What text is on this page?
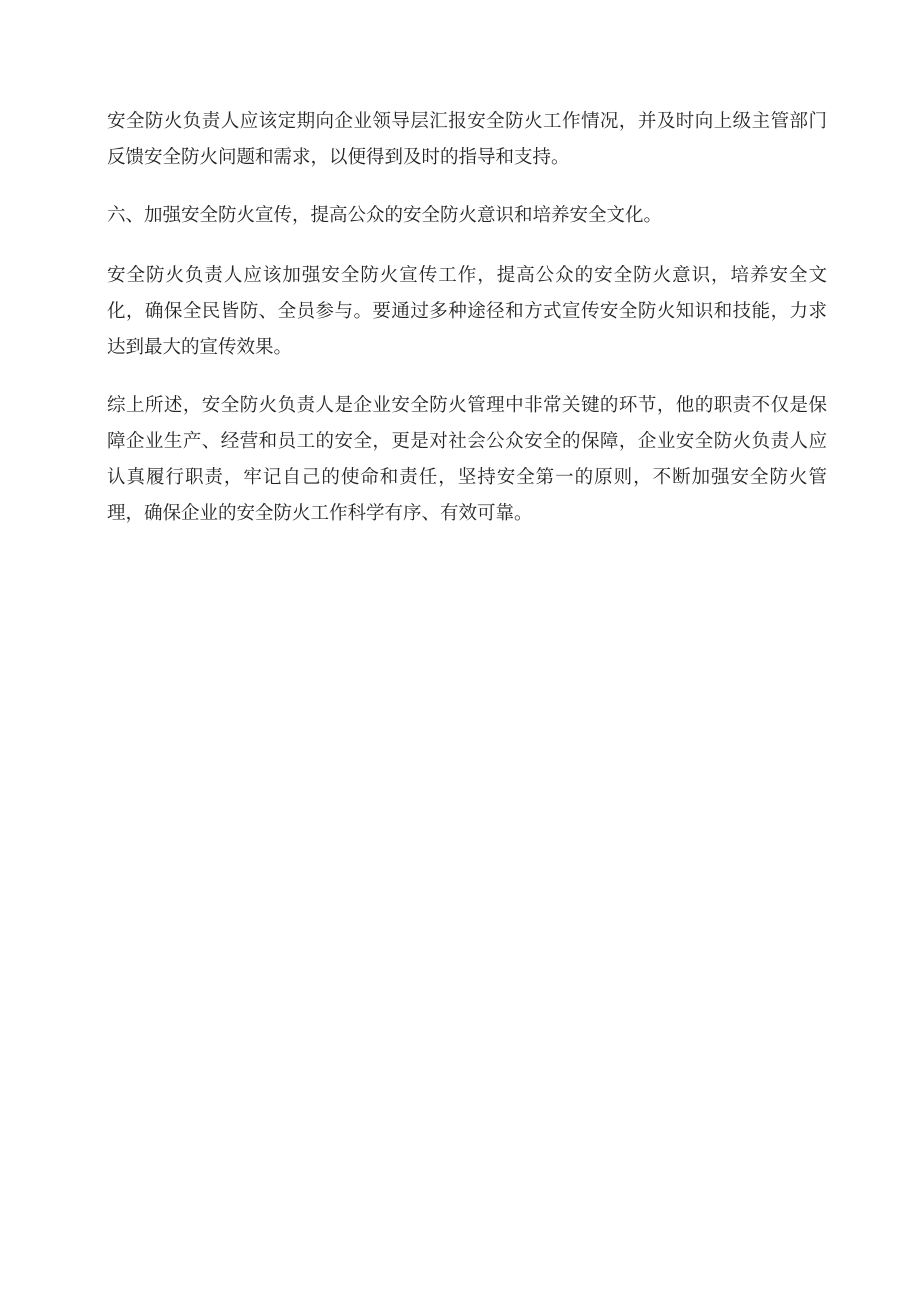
安全防火负责人应该定期向企业领导层汇报安全防火工作情况，并及时向上级主管部门反馈安全防火问题和需求，以便得到及时的指导和支持。

六、加强安全防火宣传，提高公众的安全防火意识和培养安全文化。

安全防火负责人应该加强安全防火宣传工作，提高公众的安全防火意识，培养安全文化，确保全民皆防、全员参与。要通过多种途径和方式宣传安全防火知识和技能，力求达到最大的宣传效果。

综上所述，安全防火负责人是企业安全防火管理中非常关键的环节，他的职责不仅是保障企业生产、经营和员工的安全，更是对社会公众安全的保障，企业安全防火负责人应认真履行职责，牢记自己的使命和责任，坚持安全第一的原则，不断加强安全防火管理，确保企业的安全防火工作科学有序、有效可靠。
